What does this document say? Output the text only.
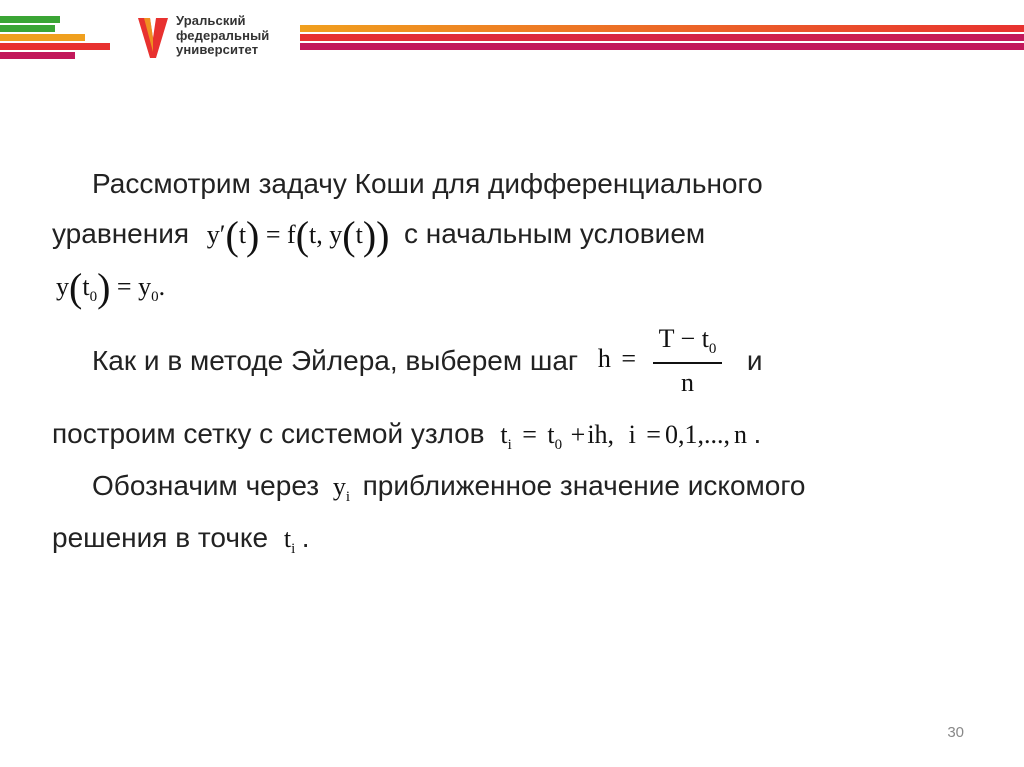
Уральский
федеральный
университет
Рассмотрим задачу Коши для дифференциального
уравнения y′(t) = f(t, y(t)) с начальным условием
$y(t_0) = y_0$.
Как и в методе Эйлера, выберем шаг $h = \frac{T - t_0}{n}$ и
построим сетку с системой узлов $t_i = t_0 +ih$, i = 0,1,..., n .
Обозначим через $y_i$ приближенное значение искомого
решения в точке $t_i$ .
30
